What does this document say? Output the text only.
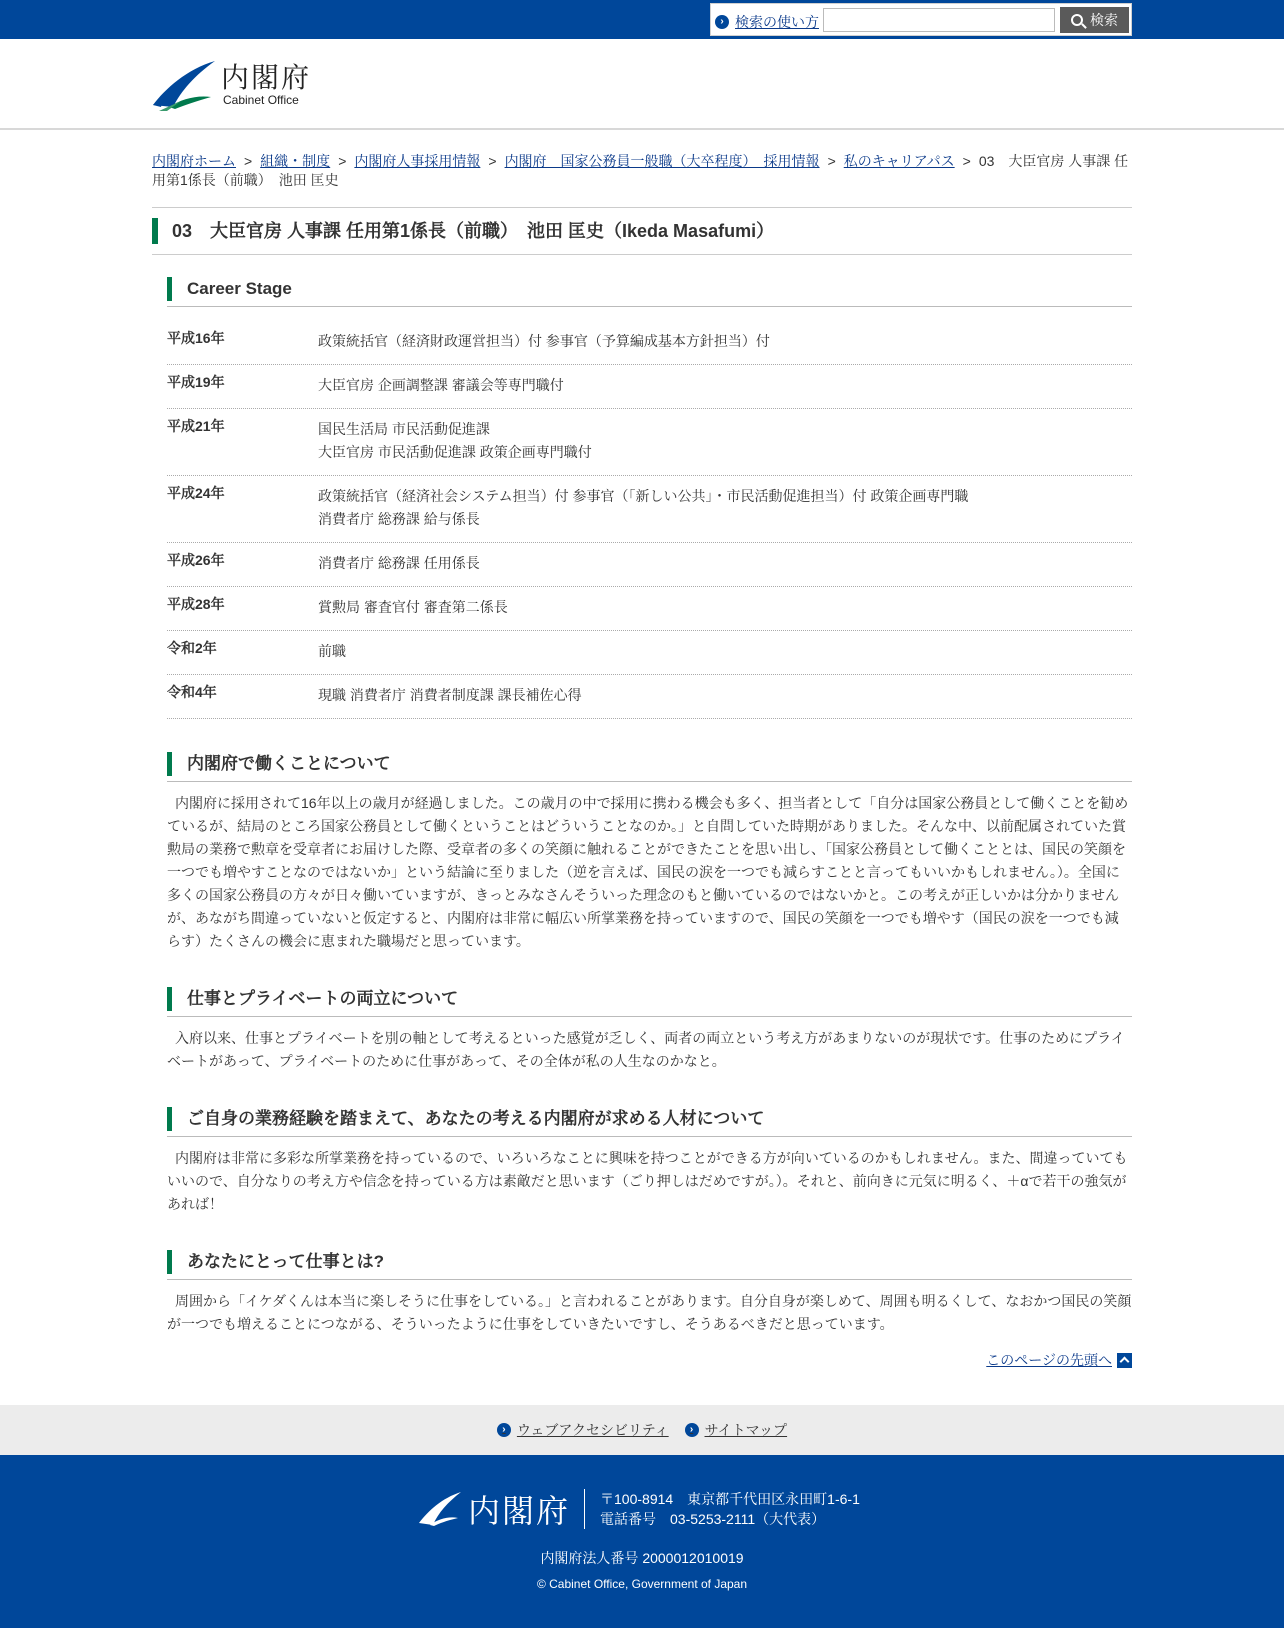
› 検索の使い方	検索
内閣府
Cabinet Office
内閣府ホーム > 組織・制度 > 内閣府人事採用情報 > 内閣府　国家公務員一般職（大卒程度）　採用情報 > 私のキャリアパス > 03　大臣官房 人事課 任用第1係長（前職）　池田 匡史
03　大臣官房 人事課 任用第1係長（前職）　池田 匡史（Ikeda Masafumi）
Career Stage
平成16年	政策統括官（経済財政運営担当）付 参事官（予算編成基本方針担当）付
平成19年	大臣官房 企画調整課 審議会等専門職付
平成21年	国民生活局 市民活動促進課
大臣官房 市民活動促進課 政策企画専門職付
平成24年	政策統括官（経済社会システム担当）付 参事官（「新しい公共」・市民活動促進担当）付 政策企画専門職
消費者庁 総務課 給与係長
平成26年	消費者庁 総務課 任用係長
平成28年	賞勲局 審査官付 審査第二係長
令和2年	前職
令和4年	現職 消費者庁 消費者制度課 課長補佐心得
内閣府で働くことについて

内閣府に採用されて16年以上の歳月が経過しました。この歳月の中で採用に携わる機会も多く、担当者として「自分は国家公務員として働くことを勧めているが、結局のところ国家公務員として働くということはどういうことなのか。」と自問していた時期がありました。そんな中、以前配属されていた賞勲局の業務で勲章を受章者にお届けした際、受章者の多くの笑顔に触れることができたことを思い出し、「国家公務員として働くこととは、国民の笑顔を一つでも増やすことなのではないか」という結論に至りました（逆を言えば、国民の涙を一つでも減らすことと言ってもいいかもしれません。）。全国に多くの国家公務員の方々が日々働いていますが、きっとみなさんそういった理念のもと働いているのではないかと。この考えが正しいかは分かりませんが、あながち間違っていないと仮定すると、内閣府は非常に幅広い所掌業務を持っていますので、国民の笑顔を一つでも増やす（国民の涙を一つでも減らす）たくさんの機会に恵まれた職場だと思っています。

仕事とプライベートの両立について

入府以来、仕事とプライベートを別の軸として考えるといった感覚が乏しく、両者の両立という考え方があまりないのが現状です。仕事のためにプライベートがあって、プライベートのために仕事があって、その全体が私の人生なのかなと。

ご自身の業務経験を踏まえて、あなたの考える内閣府が求める人材について

内閣府は非常に多彩な所掌業務を持っているので、いろいろなことに興味を持つことができる方が向いているのかもしれません。また、間違っていてもいいので、自分なりの考え方や信念を持っている方は素敵だと思います（ごり押しはだめですが。）。それと、前向きに元気に明るく、＋αで若干の強気があれば！

あなたにとって仕事とは?

周囲から「イケダくんは本当に楽しそうに仕事をしている。」と言われることがあります。自分自身が楽しめて、周囲も明るくして、なおかつ国民の笑顔が一つでも増えることにつながる、そういったように仕事をしていきたいですし、そうあるべきだと思っています。

このページの先頭へ
› ウェブアクセシビリティ	› サイトマップ
内閣府 〒100-8914　東京都千代田区永田町1-6-1
電話番号　03-5253-2111（大代表）
内閣府法人番号 2000012010019
© Cabinet Office, Government of Japan
